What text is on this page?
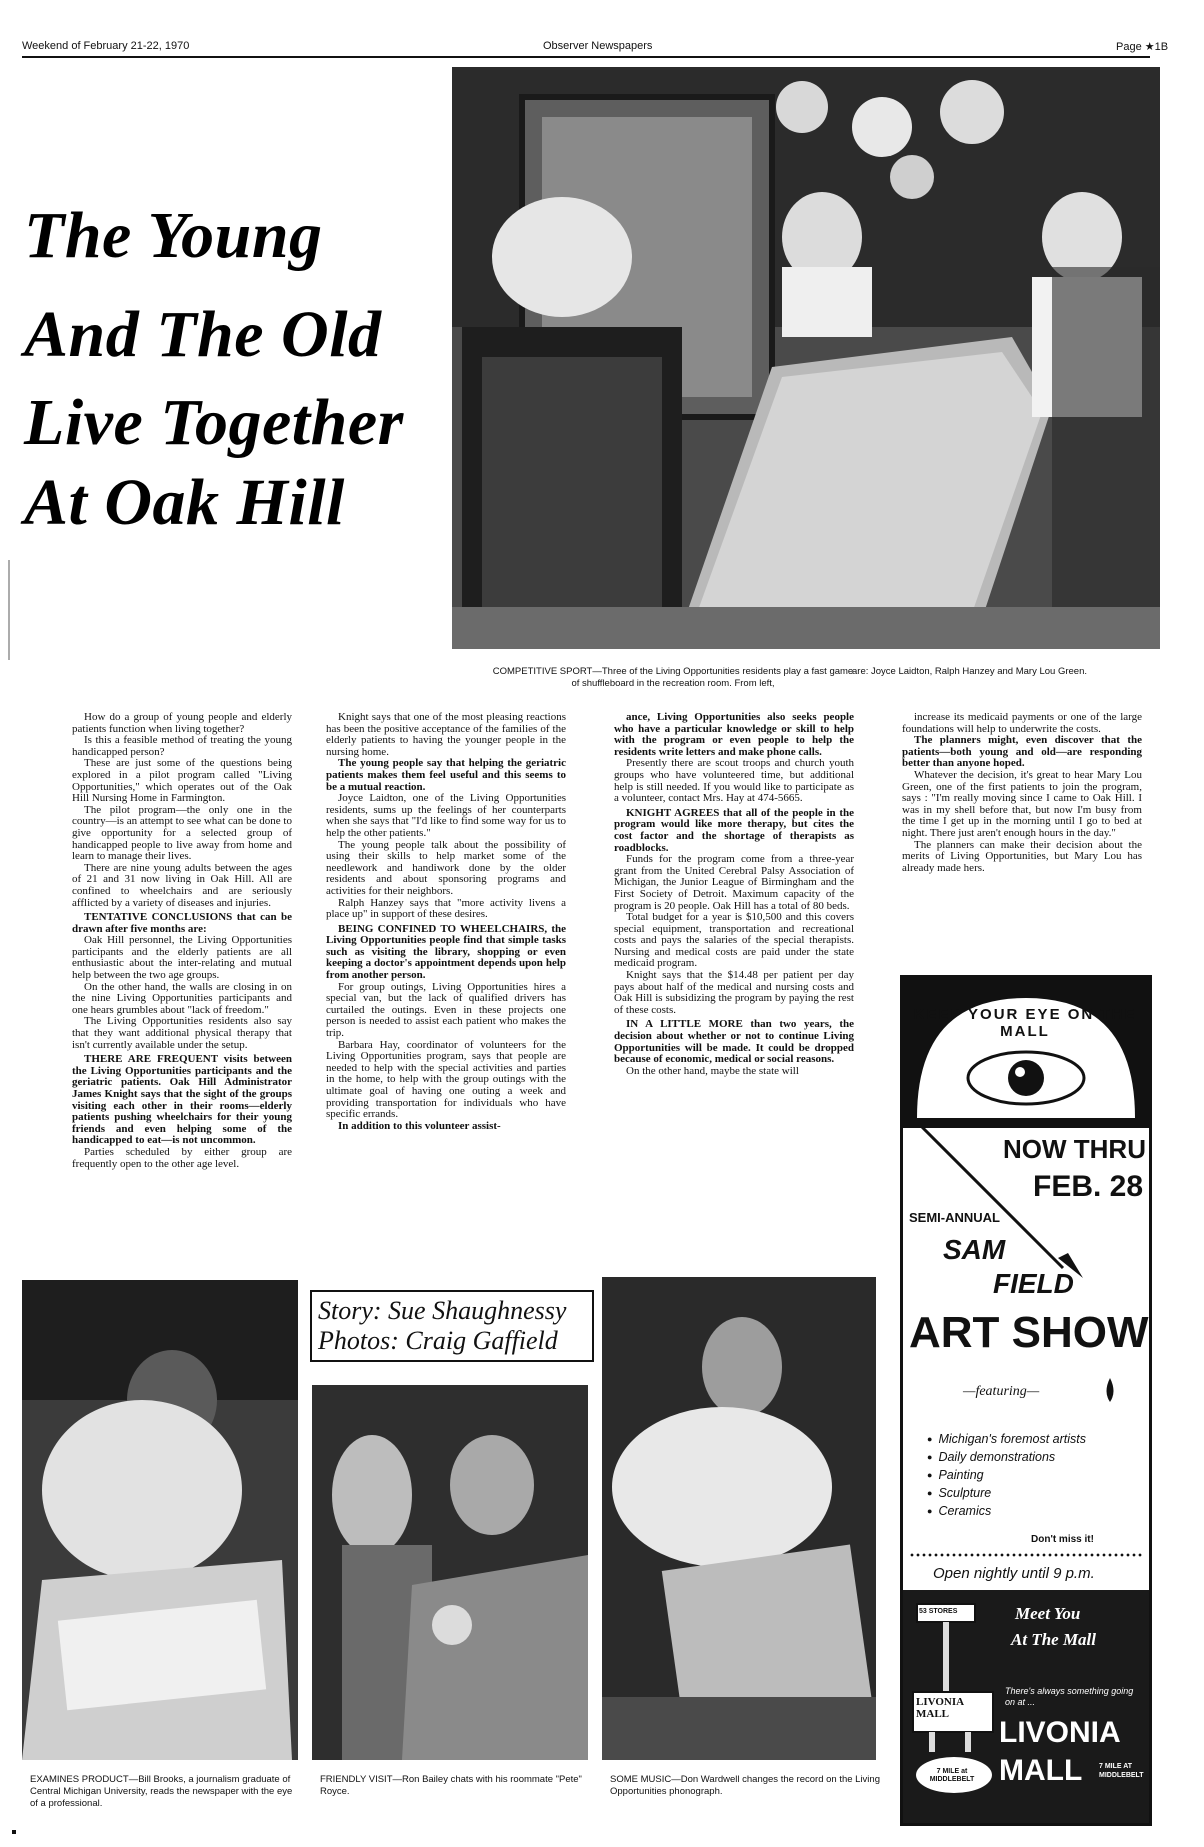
Weekend of February 21-22, 1970	Observer Newspapers	Page ★1B
The Young
And The Old
Live Together
At Oak Hill
COMPETITIVE SPORT—Three of the Living Opportunities residents play a fast game of shuffleboard in the recreation room. From left,
are: Joyce Laidton, Ralph Hanzey and Mary Lou Green.

How do a group of young people and elderly patients function when living together?

Is this a feasible method of treating the young handicapped person?

These are just some of the questions being explored in a pilot program called "Living Opportunities," which operates out of the Oak Hill Nursing Home in Farmington.

The pilot program—the only one in the country—is an attempt to see what can be done to give opportunity for a selected group of handicapped people to live away from home and learn to manage their lives.

There are nine young adults between the ages of 21 and 31 now living in Oak Hill. All are confined to wheelchairs and are seriously afflicted by a variety of diseases and injuries.

TENTATIVE CONCLUSIONS that can be drawn after five months are:

Oak Hill personnel, the Living Opportunities participants and the elderly patients are all enthusiastic about the inter-relating and mutual help between the two age groups.

On the other hand, the walls are closing in on the nine Living Opportunities participants and one hears grumbles about "lack of freedom."

The Living Opportunities residents also say that they want additional physical therapy that isn't currently available under the setup.

THERE ARE FREQUENT visits between the Living Opportunities participants and the geriatric patients. Oak Hill Administrator James Knight says that the sight of the groups visiting each other in their rooms—elderly patients pushing wheelchairs for their young friends and even helping some of the handicapped to eat—is not uncommon.

Parties scheduled by either group are frequently open to the other age level.

Knight says that one of the most pleasing reactions has been the positive acceptance of the families of the elderly patients to having the younger people in the nursing home.

The young people say that helping the geriatric patients makes them feel useful and this seems to be a mutual reaction.

Joyce Laidton, one of the Living Opportunities residents, sums up the feelings of her counterparts when she says that "I'd like to find some way for us to help the other patients."

The young people talk about the possibility of using their skills to help market some of the needlework and handiwork done by the older residents and about sponsoring programs and activities for their neighbors.

Ralph Hanzey says that "more activity livens a place up" in support of these desires.

BEING CONFINED TO WHEELCHAIRS, the Living Opportunities people find that simple tasks such as visiting the library, shopping or even keeping a doctor's appointment depends upon help from another person.

For group outings, Living Opportunities hires a special van, but the lack of qualified drivers has curtailed the outings. Even in these projects one person is needed to assist each patient who makes the trip.

Barbara Hay, coordinator of volunteers for the Living Opportunities program, says that people are needed to help with the special activities and parties in the home, to help with the group outings with the ultimate goal of having one outing a week and providing transportation for individuals who have specific errands.

In addition to this volunteer assist-

ance, Living Opportunities also seeks people who have a particular knowledge or skill to help with the program or even people to help the residents write letters and make phone calls.

Presently there are scout troops and church youth groups who have volunteered time, but additional help is still needed. If you would like to participate as a volunteer, contact Mrs. Hay at 474-5665.

KNIGHT AGREES that all of the people in the program would like more therapy, but cites the cost factor and the shortage of therapists as roadblocks.

Funds for the program come from a three-year grant from the United Cerebral Palsy Association of Michigan, the Junior League of Birmingham and the First Society of Detroit. Maximum capacity of the program is 20 people. Oak Hill has a total of 80 beds.

Total budget for a year is $10,500 and this covers special equipment, transportation and recreational costs and pays the salaries of the special therapists. Nursing and medical costs are paid under the state medicaid program.

Knight says that the $14.48 per patient per day pays about half of the medical and nursing costs and Oak Hill is subsidizing the program by paying the rest of these costs.

IN A LITTLE MORE than two years, the decision about whether or not to continue Living Opportunities will be made. It could be dropped because of economic, medical or social reasons.

On the other hand, maybe the state will

increase its medicaid payments or one of the large foundations will help to underwrite the costs.

The planners might, even discover that the patients—both young and old—are responding better than anyone hoped.

Whatever the decision, it's great to hear Mary Lou Green, one of the first patients to join the program, says : "I'm really moving since I came to Oak Hill. I was in my shell before that, but now I'm busy from the time I get up in the morning until I go to bed at night. There just aren't enough hours in the day."

The planners can make their decision about the merits of Living Opportunities, but Mary Lou has already made hers.

Story: Sue Shaughnessy
Photos: Craig Gaffield
EXAMINES PRODUCT—Bill Brooks, a journalism graduate of Central Michigan University, reads the newspaper with the eye of a professional.
FRIENDLY VISIT—Ron Bailey chats with his roommate "Pete" Royce.
SOME MUSIC—Don Wardwell changes the record on the Living Opportunities phonograph.
KEEP YOUR EYE ON THE MALL
NOW THRU
FEB. 28
SEMI-ANNUAL
SAM
FIELD
ART SHOW
—featuring—
● Michigan's foremost artists
● Daily demonstrations
● Painting
● Sculpture
● Ceramics
Don't miss it!
Open nightly until 9 p.m.
53 STORES
LIVONIA MALL
7 MILE at MIDDLEBELT
Meet You
At The Mall
There's always something going on at ...
LIVONIA
MALL 7 MILE AT MIDDLEBELT
